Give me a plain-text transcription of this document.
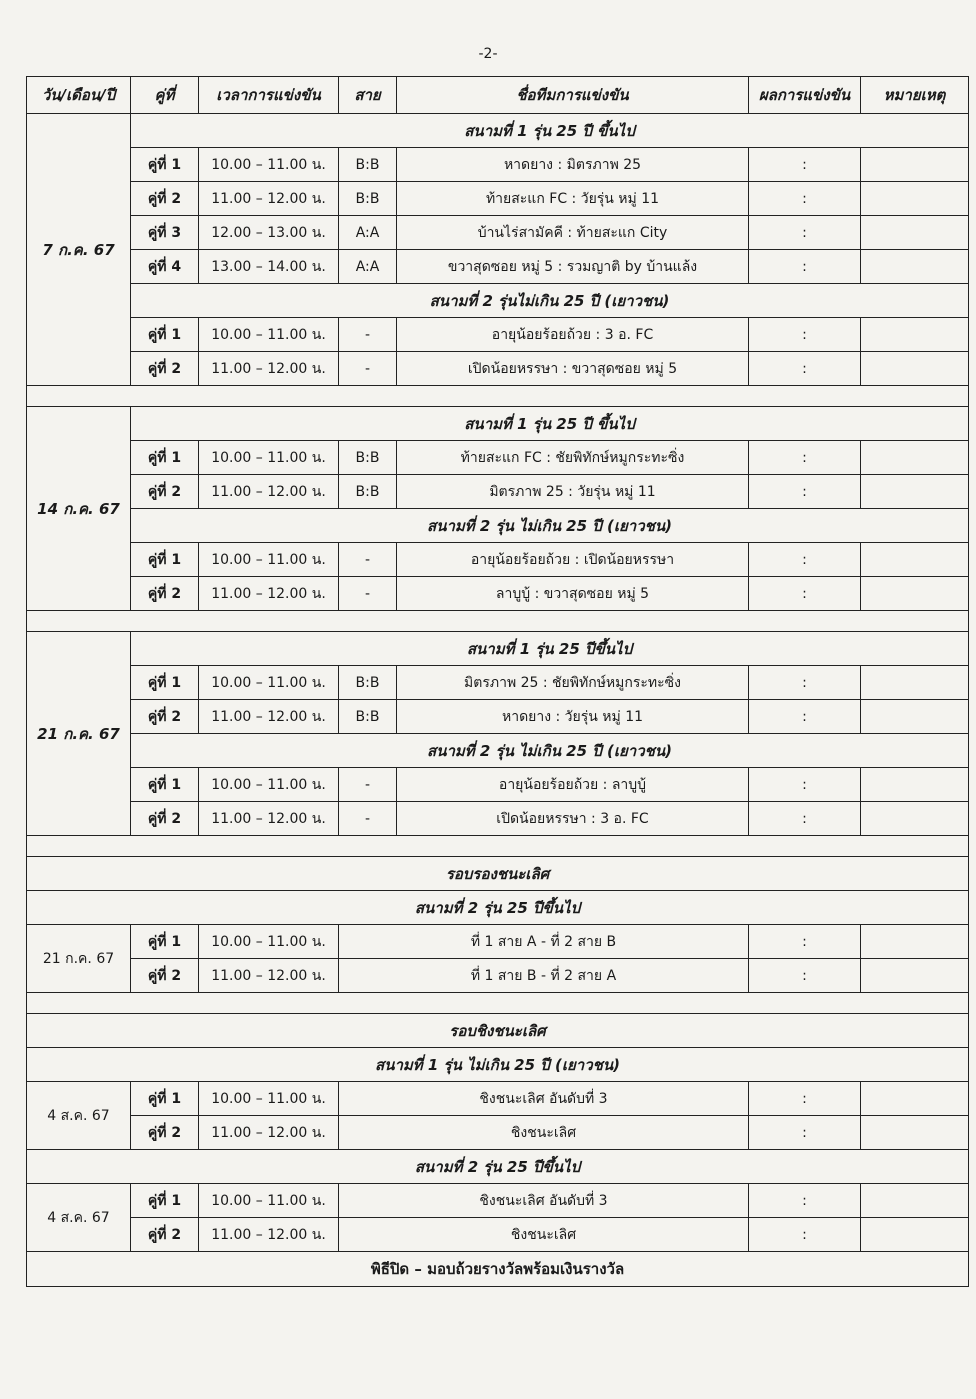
-2-
วัน/เดือน/ปี	คู่ที่	เวลาการแข่งขัน	สาย	ชื่อทีมการแข่งขัน	ผลการแข่งขัน	หมายเหตุ
7 ก.ค. 67	สนามที่ 1 รุ่น 25 ปี ขึ้นไป					
	คู่ที่ 1	10.00 – 11.00 น.	B:B	หาดยาง : มิตรภาพ 25	:	
	คู่ที่ 2	11.00 – 12.00 น.	B:B	ท้ายสะแก FC : วัยรุ่น หมู่ 11	:	
	คู่ที่ 3	12.00 – 13.00 น.	A:A	บ้านไร่สามัคคี : ท้ายสะแก City	:	
	คู่ที่ 4	13.00 – 14.00 น.	A:A	ขวาสุดซอย หมู่ 5 : รวมญาติ by บ้านแล้ง	:	
	สนามที่ 2 รุ่นไม่เกิน 25 ปี (เยาวชน)					
	คู่ที่ 1	10.00 – 11.00 น.	-	อายุน้อยร้อยถ้วย : 3 อ. FC	:	
	คู่ที่ 2	11.00 – 12.00 น.	-	เปิดน้อยหรรษา : ขวาสุดซอย หมู่ 5	:	

14 ก.ค. 67	สนามที่ 1 รุ่น 25 ปี ขึ้นไป					
	คู่ที่ 1	10.00 – 11.00 น.	B:B	ท้ายสะแก FC : ชัยพิทักษ์หมูกระทะซิ่ง	:	
	คู่ที่ 2	11.00 – 12.00 น.	B:B	มิตรภาพ 25 : วัยรุ่น หมู่ 11	:	
	สนามที่ 2 รุ่น ไม่เกิน 25 ปี (เยาวชน)					
	คู่ที่ 1	10.00 – 11.00 น.	-	อายุน้อยร้อยถ้วย : เปิดน้อยหรรษา	:	
	คู่ที่ 2	11.00 – 12.00 น.	-	ลาบูบู้ : ขวาสุดซอย หมู่ 5	:	

21 ก.ค. 67	สนามที่ 1 รุ่น 25 ปีขึ้นไป					
	คู่ที่ 1	10.00 – 11.00 น.	B:B	มิตรภาพ 25 : ชัยพิทักษ์หมูกระทะซิ่ง	:	
	คู่ที่ 2	11.00 – 12.00 น.	B:B	หาดยาง : วัยรุ่น หมู่ 11	:	
	สนามที่ 2 รุ่น ไม่เกิน 25 ปี (เยาวชน)					
	คู่ที่ 1	10.00 – 11.00 น.	-	อายุน้อยร้อยถ้วย : ลาบูบู้	:	
	คู่ที่ 2	11.00 – 12.00 น.	-	เปิดน้อยหรรษา : 3 อ. FC	:	

รอบรองชนะเลิศ						
สนามที่ 2 รุ่น 25 ปีขึ้นไป						
21 ก.ค. 67	คู่ที่ 1	10.00 – 11.00 น.	ที่ 1 สาย A - ที่ 2 สาย B		:	
	คู่ที่ 2	11.00 – 12.00 น.	ที่ 1 สาย B - ที่ 2 สาย A		:	

รอบชิงชนะเลิศ						
สนามที่ 1 รุ่น ไม่เกิน 25 ปี (เยาวชน)						
4 ส.ค. 67	คู่ที่ 1	10.00 – 11.00 น.	ชิงชนะเลิศ อันดับที่ 3		:	
	คู่ที่ 2	11.00 – 12.00 น.	ชิงชนะเลิศ		:	
สนามที่ 2 รุ่น 25 ปีขึ้นไป						
4 ส.ค. 67	คู่ที่ 1	10.00 – 11.00 น.	ชิงชนะเลิศ อันดับที่ 3		:	
	คู่ที่ 2	11.00 – 12.00 น.	ชิงชนะเลิศ		:	
พิธีปิด – มอบถ้วยรางวัลพร้อมเงินรางวัล						
